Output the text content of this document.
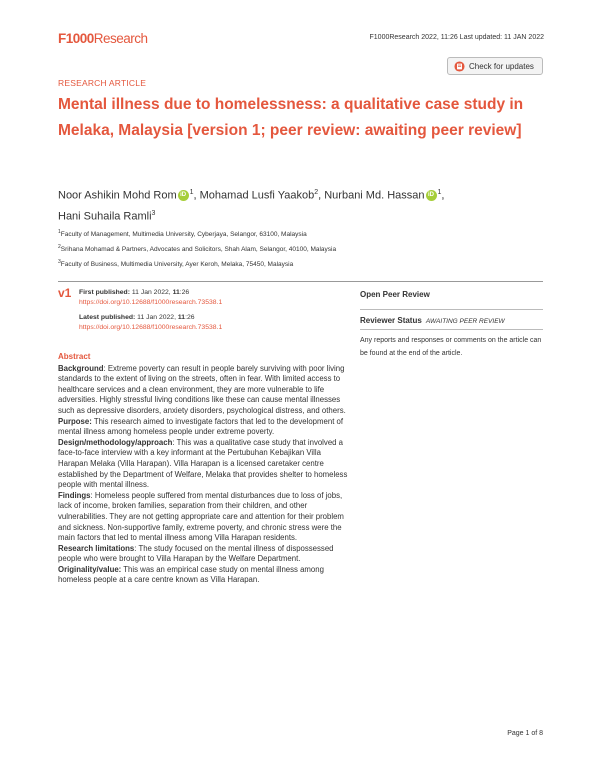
F1000Research	F1000Research 2022, 11:26 Last updated: 11 JAN 2022
RESEARCH ARTICLE
Check for updates
Mental illness due to homelessness: a qualitative case study in Melaka, Malaysia [version 1; peer review: awaiting peer review]
Noor Ashikin Mohd Rom iD $^1$, Mohamad Lusfi Yaakob$^2$, Nurbani Md. Hassan iD $^1$,
Hani Suhaila Ramli$^3$
$^1$Faculty of Management, Multimedia University, Cyberjaya, Selangor, 63100, Malaysia
$^2$Srihana Mohamad & Partners, Advocates and Solicitors, Shah Alam, Selangor, 40100, Malaysia
$^3$Faculty of Business, Multimedia University, Ayer Keroh, Melaka, 75450, Malaysia
v1 First published: 11 Jan 2022, 11:26
https://doi.org/10.12688/f1000research.73538.1
Latest published: 11 Jan 2022, 11:26
https://doi.org/10.12688/f1000research.73538.1
Open Peer Review
Reviewer Status AWAITING PEER REVIEW
Any reports and responses or comments on the article can be found at the end of the article.
Abstract

Background: Extreme poverty can result in people barely surviving with poor living standards to the extent of living on the streets, often in fear. With limited access to healthcare services and a clean environment, they are more vulnerable to life adversities. Highly stressful living conditions like these can cause mental illnesses such as depressive disorders, anxiety disorders, psychological distress, and others.

Purpose: This research aimed to investigate factors that led to the development of mental illness among homeless people under extreme poverty.

Design/methodology/approach: This was a qualitative case study that involved a face-to-face interview with a key informant at the Pertubuhan Kebajikan Villa Harapan Melaka (Villa Harapan). Villa Harapan is a licensed caretaker centre established by the Department of Welfare, Melaka that provides shelter to homeless people with mental illness.

Findings: Homeless people suffered from mental disturbances due to loss of jobs, lack of income, broken families, separation from their children, and other vulnerabilities. They are not getting appropriate care and attention for their problem and sickness. Non-supportive family, extreme poverty, and chronic stress were the main factors that led to mental illness among Villa Harapan residents.

Research limitations: The study focused on the mental illness of dispossessed people who were brought to Villa Harapan by the Welfare Department.

Originality/value: This was an empirical case study on mental illness among homeless people at a care centre known as Villa Harapan.

Page 1 of 8
